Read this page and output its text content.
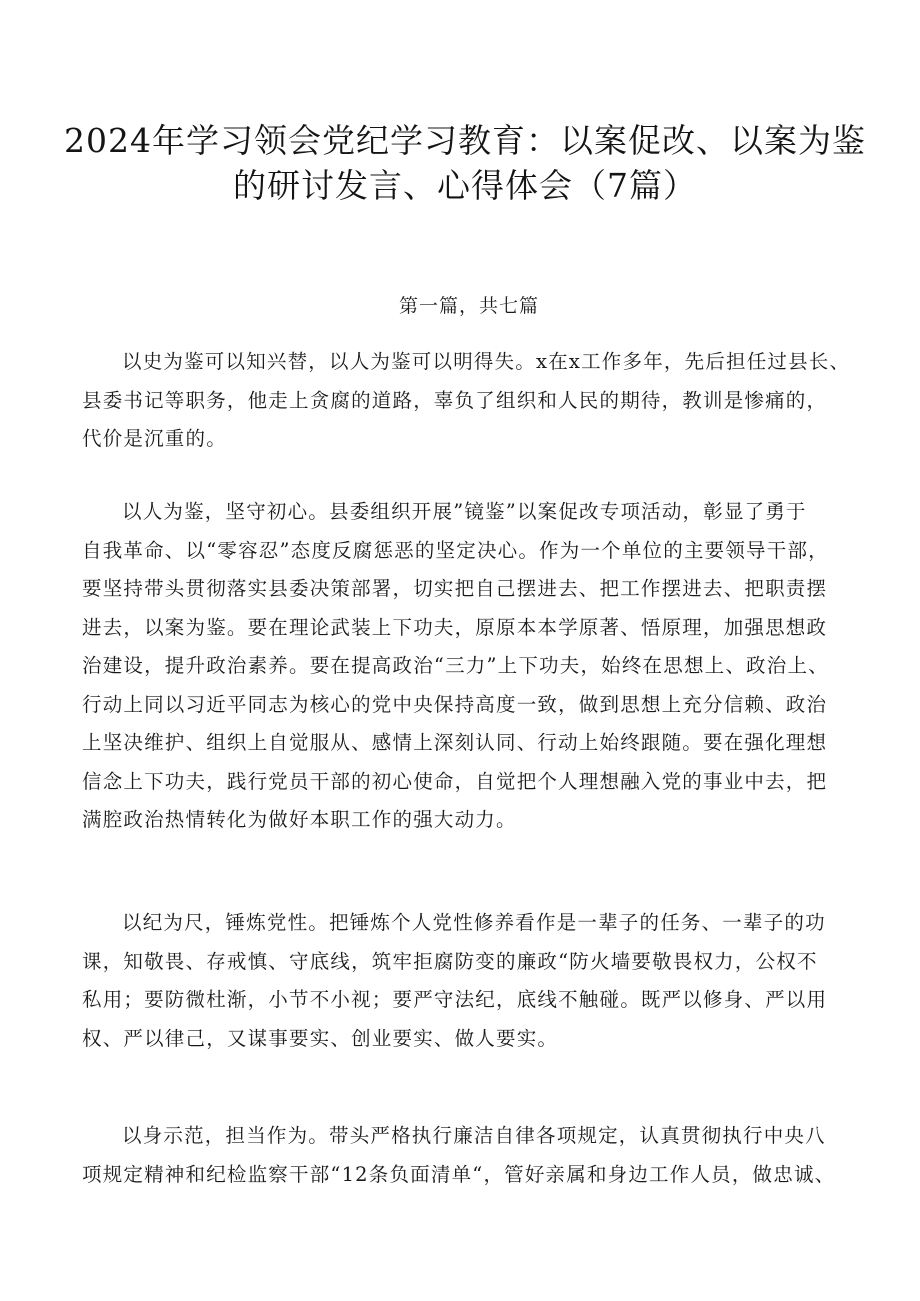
2024年学习领会党纪学习教育：以案促改、以案为鉴
的研讨发言、心得体会（7篇）
第一篇，共七篇
以史为鉴可以知兴替，以人为鉴可以明得失。x在x工作多年，先后担任过县长、
县委书记等职务，他走上贪腐的道路，辜负了组织和人民的期待，教训是惨痛的，
代价是沉重的。
以人为鉴，坚守初心。县委组织开展”镜鉴”以案促改专项活动，彰显了勇于
自我革命、以“零容忍”态度反腐惩恶的坚定决心。作为一个单位的主要领导干部，
要坚持带头贯彻落实县委决策部署，切实把自己摆进去、把工作摆进去、把职责摆
进去，以案为鉴。要在理论武装上下功夫，原原本本学原著、悟原理，加强思想政
治建设，提升政治素养。要在提高政治“三力”上下功夫，始终在思想上、政治上、
行动上同以习近平同志为核心的党中央保持高度一致，做到思想上充分信赖、政治
上坚决维护、组织上自觉服从、感情上深刻认同、行动上始终跟随。要在强化理想
信念上下功夫，践行党员干部的初心使命，自觉把个人理想融入党的事业中去，把
满腔政治热情转化为做好本职工作的强大动力。
以纪为尺，锤炼党性。把锤炼个人党性修养看作是一辈子的任务、一辈子的功
课，知敬畏、存戒慎、守底线，筑牢拒腐防变的廉政“防火墙要敬畏权力，公权不
私用；要防微杜渐，小节不小视；要严守法纪，底线不触碰。既严以修身、严以用
权、严以律己，又谋事要实、创业要实、做人要实。
以身示范，担当作为。带头严格执行廉洁自律各项规定，认真贯彻执行中央八
项规定精神和纪检监察干部“12条负面清单“，管好亲属和身边工作人员，做忠诚、
